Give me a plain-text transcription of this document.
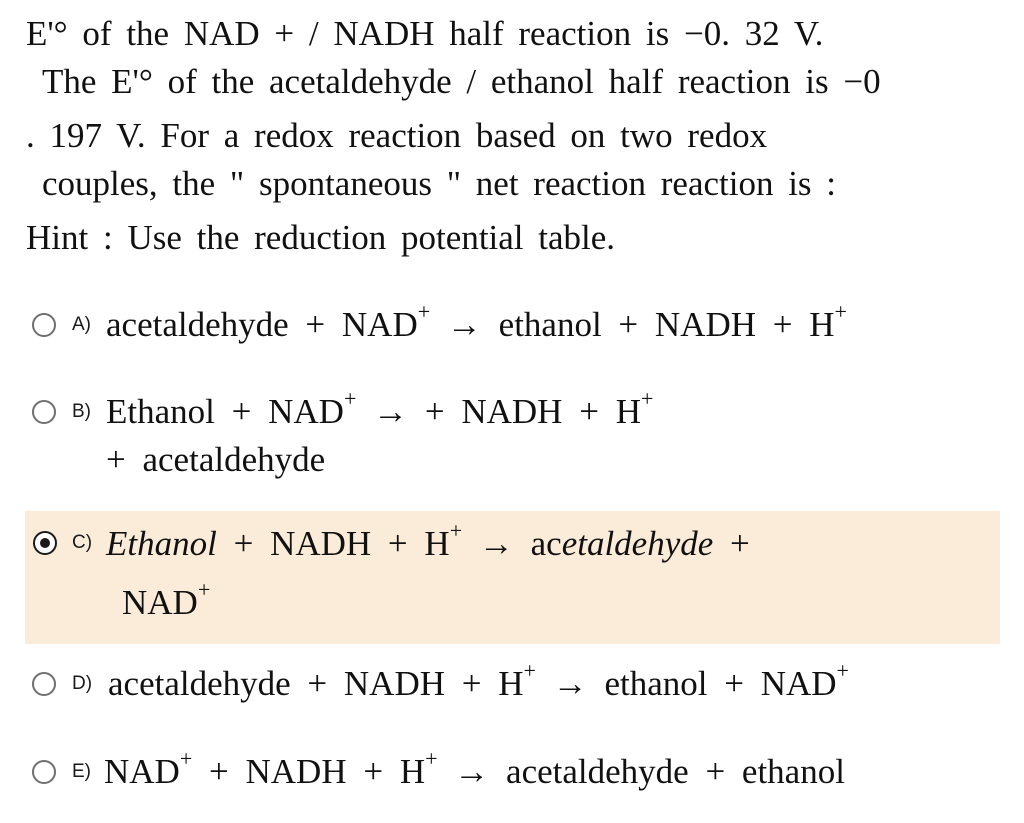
E'° of the NAD + / NADH half reaction is −0. 32 V.
The E'° of the acetaldehyde / ethanol half reaction is −0
. 197 V. For a redox reaction based on two redox
couples, the " spontaneous " net reaction reaction is :
Hint : Use the reduction potential table.
A) acetaldehyde + NAD+ → ethanol + NADH + H+
B) Ethanol + NAD+ → + NADH + H+
+ acetaldehyde
C) Ethanol + NADH + H+ → acetaldehyde +
NAD+
D) acetaldehyde + NADH + H+ → ethanol + NAD+
E) NAD+ + NADH + H+ → acetaldehyde + ethanol
